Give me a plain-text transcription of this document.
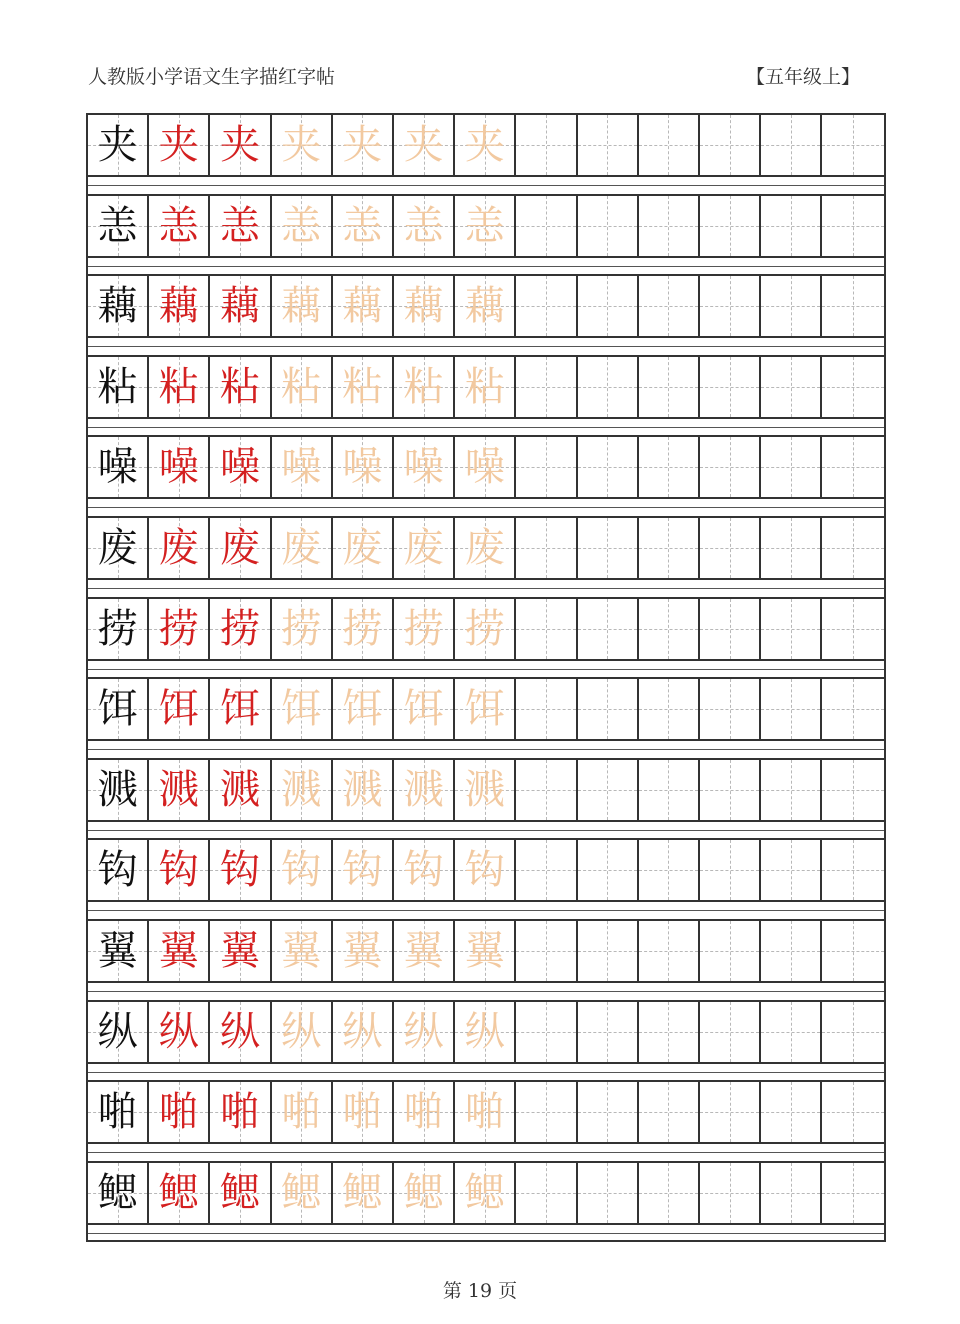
人教版小学语文生字描红字帖	【五年级上】
夹 夹 夹 夹 夹 夹 夹
恙 恙 恙 恙 恙 恙 恙
藕 藕 藕 藕 藕 藕 藕
粘 粘 粘 粘 粘 粘 粘
噪 噪 噪 噪 噪 噪 噪
废 废 废 废 废 废 废
捞 捞 捞 捞 捞 捞 捞
饵 饵 饵 饵 饵 饵 饵
溅 溅 溅 溅 溅 溅 溅
钩 钩 钩 钩 钩 钩 钩
翼 翼 翼 翼 翼 翼 翼
纵 纵 纵 纵 纵 纵 纵
啪 啪 啪 啪 啪 啪 啪
鳃 鳃 鳃 鳃 鳃 鳃 鳃
第 19 页
